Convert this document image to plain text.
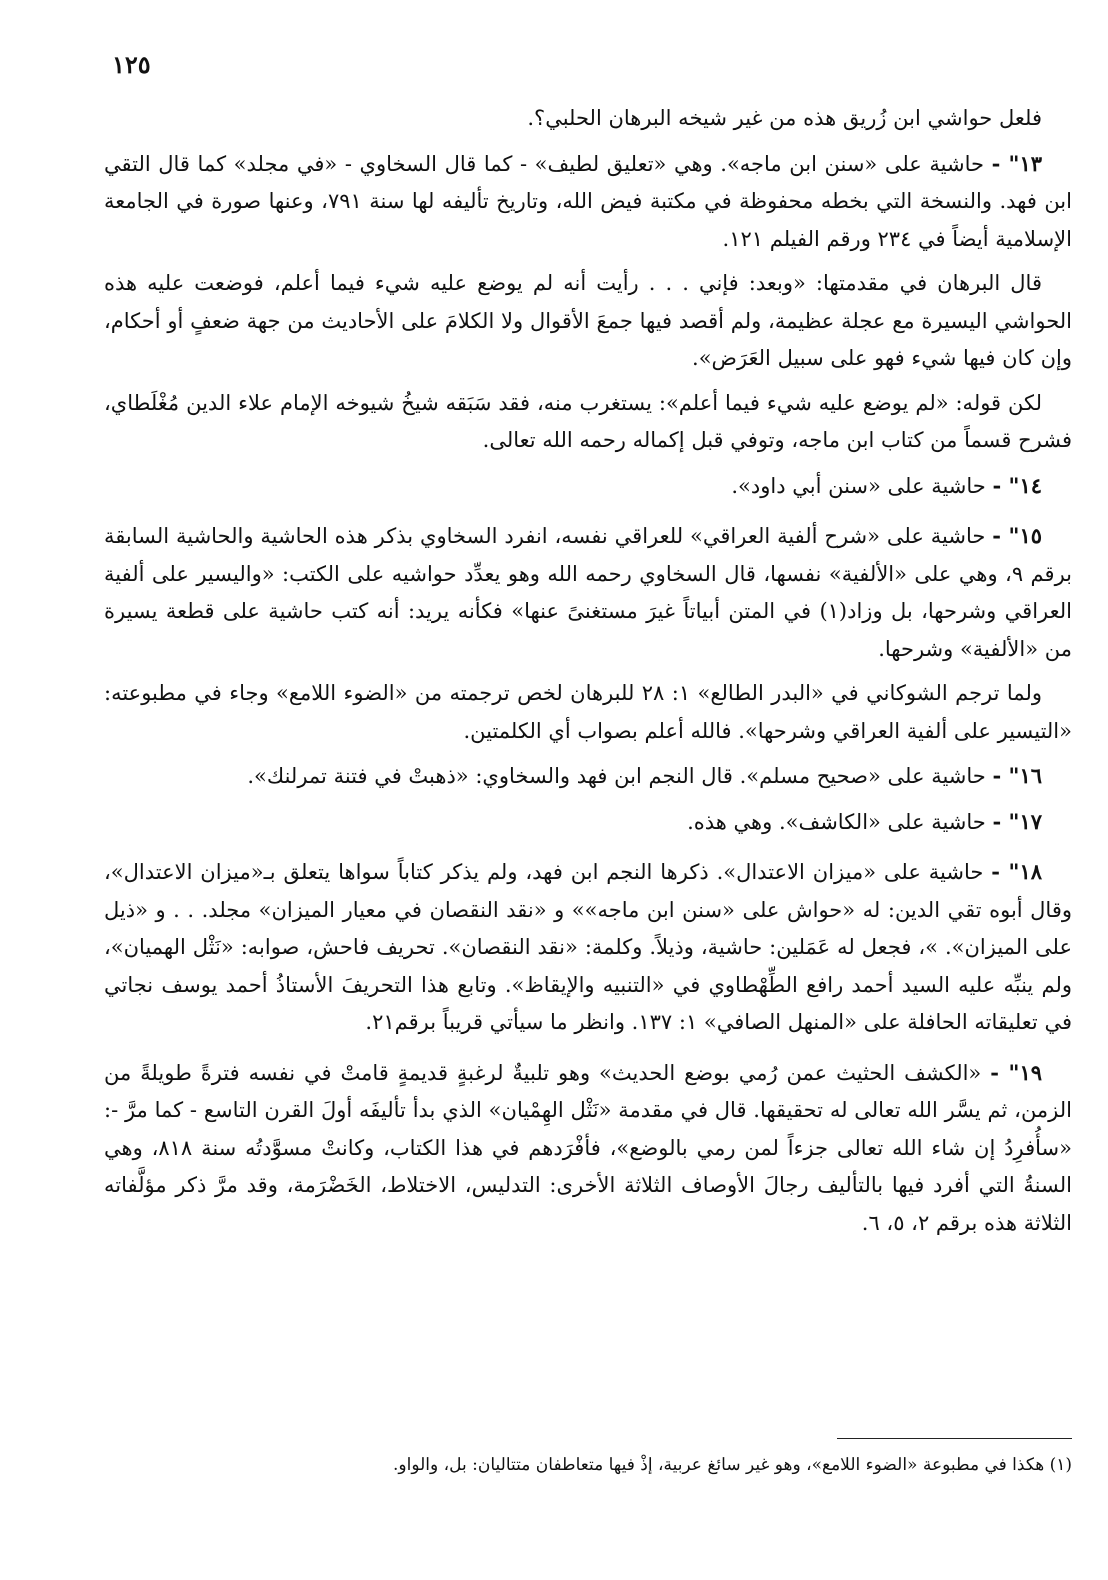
١٢٥

فلعل حواشي ابن زُريق هذه من غير شيخه البرهان الحلبي؟.

١٣" - حاشية على «سنن ابن ماجه». وهي «تعليق لطيف» - كما قال السخاوي - «في مجلد» كما قال التقي ابن فهد. والنسخة التي بخطه محفوظة في مكتبة فيض الله، وتاريخ تأليفه لها سنة ٧٩١، وعنها صورة في الجامعة الإسلامية أيضاً في ٢٣٤ ورقم الفيلم ١٢١.

قال البرهان في مقدمتها: «وبعد: فإني . . . رأيت أنه لم يوضع عليه شيء فيما أعلم، فوضعت عليه هذه الحواشي اليسيرة مع عجلة عظيمة، ولم أقصد فيها جمعَ الأقوال ولا الكلامَ على الأحاديث من جهة ضعفٍ أو أحكام، وإن كان فيها شيء فهو على سبيل العَرَض».

لكن قوله: «لم يوضع عليه شيء فيما أعلم»: يستغرب منه، فقد سَبَقه شيخُ شيوخه الإمام علاء الدين مُغْلَطاي، فشرح قسماً من كتاب ابن ماجه، وتوفي قبل إكماله رحمه الله تعالى.

١٤" - حاشية على «سنن أبي داود».

١٥" - حاشية على «شرح ألفية العراقي» للعراقي نفسه، انفرد السخاوي بذكر هذه الحاشية والحاشية السابقة برقم ٩، وهي على «الألفية» نفسها، قال السخاوي رحمه الله وهو يعدِّد حواشيه على الكتب: «واليسير على ألفية العراقي وشرحها، بل وزاد(١) في المتن أبياتاً غيرَ مستغنىً عنها» فكأنه يريد: أنه كتب حاشية على قطعة يسيرة من «الألفية» وشرحها.

ولما ترجم الشوكاني في «البدر الطالع» ١: ٢٨ للبرهان لخص ترجمته من «الضوء اللامع» وجاء في مطبوعته: «التيسير على ألفية العراقي وشرحها». فالله أعلم بصواب أي الكلمتين.

١٦" - حاشية على «صحيح مسلم». قال النجم ابن فهد والسخاوي: «ذهبتْ في فتنة تمرلنك».

١٧" - حاشية على «الكاشف». وهي هذه.

١٨" - حاشية على «ميزان الاعتدال». ذكرها النجم ابن فهد، ولم يذكر كتاباً سواها يتعلق بـ«ميزان الاعتدال»، وقال أبوه تقي الدين: له «حواش على «سنن ابن ماجه»» و «نقد النقصان في معيار الميزان» مجلد. . . و «ذيل على الميزان». »، فجعل له عَمَلين: حاشية، وذيلاً. وكلمة: «نقد النقصان». تحريف فاحش، صوابه: «نَثْل الهميان»، ولم ينبِّه عليه السيد أحمد رافع الطِّهْطاوي في «التنبيه والإيقاظ». وتابع هذا التحريفَ الأستاذُ أحمد يوسف نجاتي في تعليقاته الحافلة على «المنهل الصافي» ١: ١٣٧. وانظر ما سيأتي قريباً برقم٢١.

١٩" - «الكشف الحثيث عمن رُمي بوضع الحديث» وهو تلبيةٌ لرغبةٍ قديمةٍ قامتْ في نفسه فترةً طويلةً من الزمن، ثم يسَّر الله تعالى له تحقيقها. قال في مقدمة «نَثْل الهِمْيان» الذي بدأ تأليفَه أولَ القرن التاسع - كما مرَّ -: «سأُفرِدُ إن شاء الله تعالى جزءاً لمن رمي بالوضع»، فأفْرَدهم في هذا الكتاب، وكانتْ مسوَّدتُه سنة ٨١٨، وهي السنةُ التي أفرد فيها بالتأليف رجالَ الأوصاف الثلاثة الأخرى: التدليس، الاختلاط، الخَضْرَمة، وقد مرَّ ذكر مؤلَّفاته الثلاثة هذه برقم ٢، ٥، ٦.

(١) هكذا في مطبوعة «الضوء اللامع»، وهو غير سائغ عربية، إذْ فيها متعاطفان متتاليان: بل، والواو.
